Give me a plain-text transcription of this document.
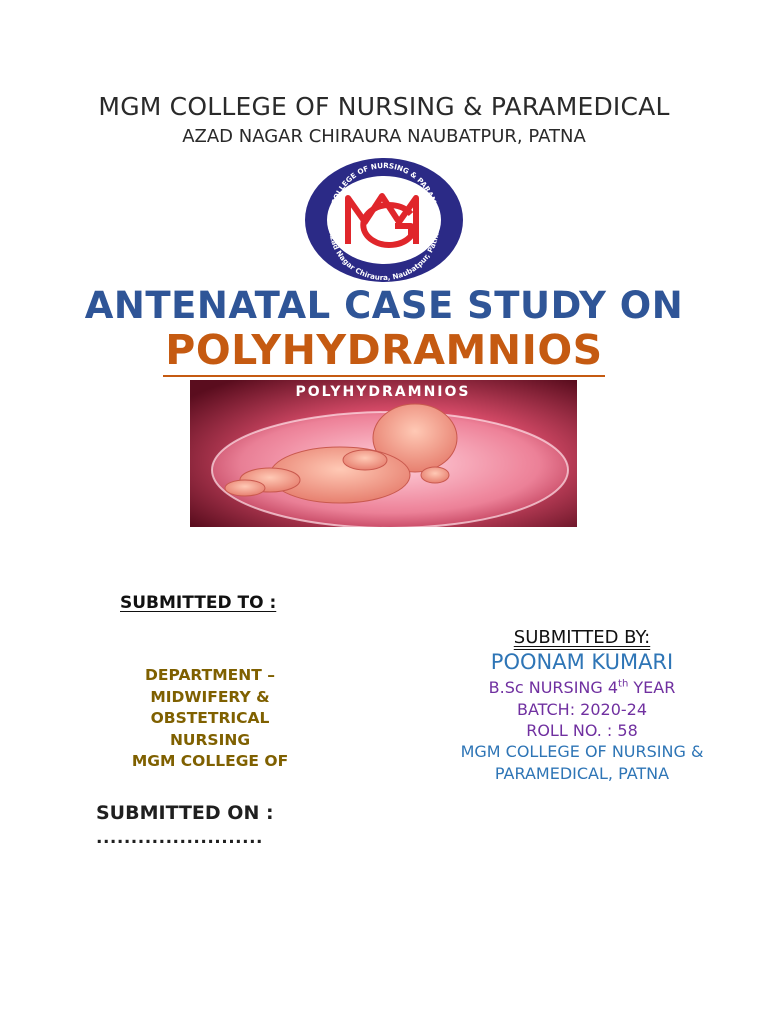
MGM COLLEGE OF NURSING & PARAMEDICAL
AZAD NAGAR CHIRAURA NAUBATPUR, PATNA
.M COLLEGE OF NURSING & PARAMEDI
Azad Nagar Chiraura, Naubatpur, Patna
ANTENATAL CASE STUDY ON
POLYHYDRAMNIOS
POLYHYDRAMNIOS
SUBMITTED TO :
DEPARTMENT –
MIDWIFERY &
OBSTETRICAL
NURSING
MGM COLLEGE OF
SUBMITTED ON :
........................
SUBMITTED BY:
POONAM KUMARI
B.Sc NURSING 4th YEAR
BATCH: 2020-24
ROLL NO. : 58
MGM COLLEGE OF NURSING &
PARAMEDICAL, PATNA
